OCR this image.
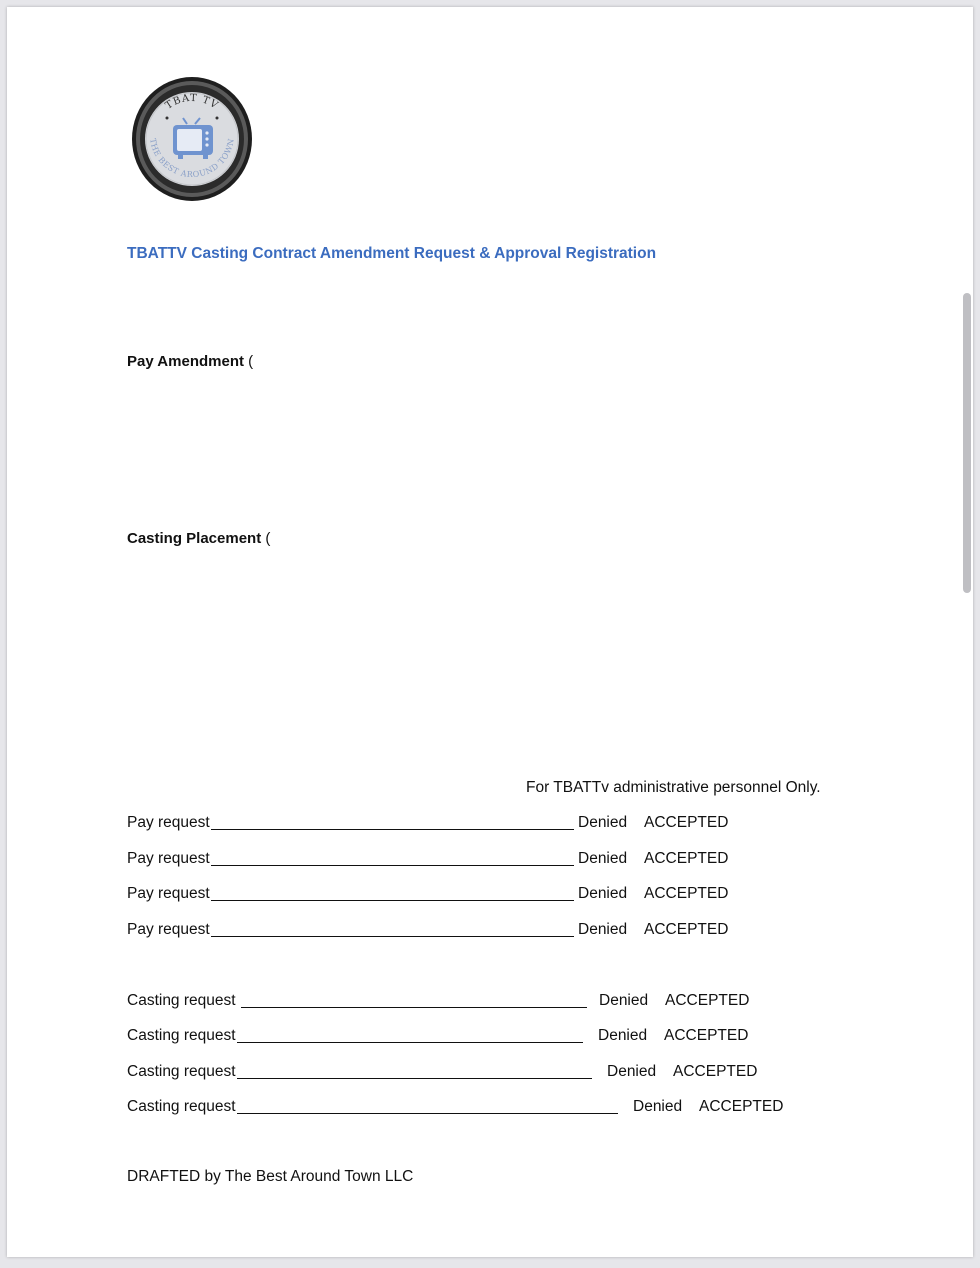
TBAT TV
THE BEST AROUND TOWN
TBATTV Casting Contract Amendment Request & Approval Registration
Pay Amendment (
Casting Placement (
For TBATTv administrative personnel Only.
Pay request	Denied ACCEPTED
Pay request	Denied ACCEPTED
Pay request	Denied ACCEPTED
Pay request	Denied ACCEPTED
Casting request	Denied ACCEPTED
Casting request	Denied ACCEPTED
Casting request	Denied ACCEPTED
Casting request	Denied ACCEPTED
DRAFTED by The Best Around Town LLC
